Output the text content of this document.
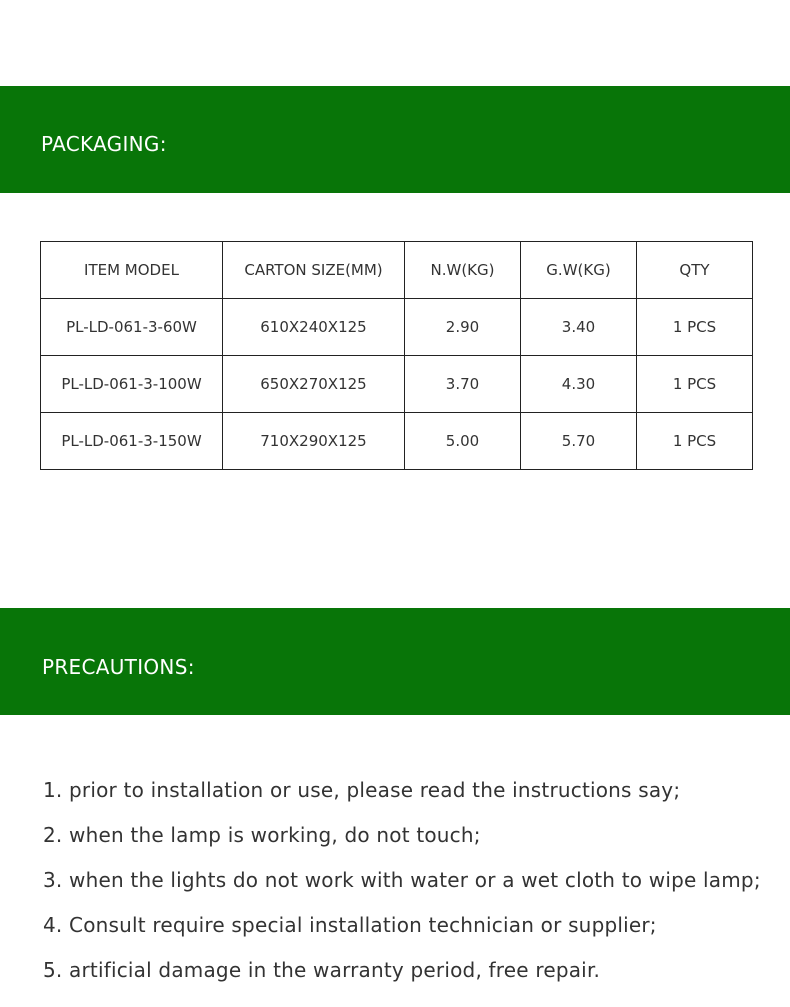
PACKAGING:
ITEM MODEL	CARTON SIZE(MM)	N.W(KG)	G.W(KG)	QTY
PL-LD-061-3-60W	610X240X125	2.90	3.40	1 PCS
PL-LD-061-3-100W	650X270X125	3.70	4.30	1 PCS
PL-LD-061-3-150W	710X290X125	5.00	5.70	1 PCS
PRECAUTIONS:
1. prior to installation or use, please read the instructions say;
2. when the lamp is working, do not touch;
3. when the lights do not work with water or a wet cloth to wipe lamp;
4. Consult require special installation technician or supplier;
5. artificial damage in the warranty period, free repair.
